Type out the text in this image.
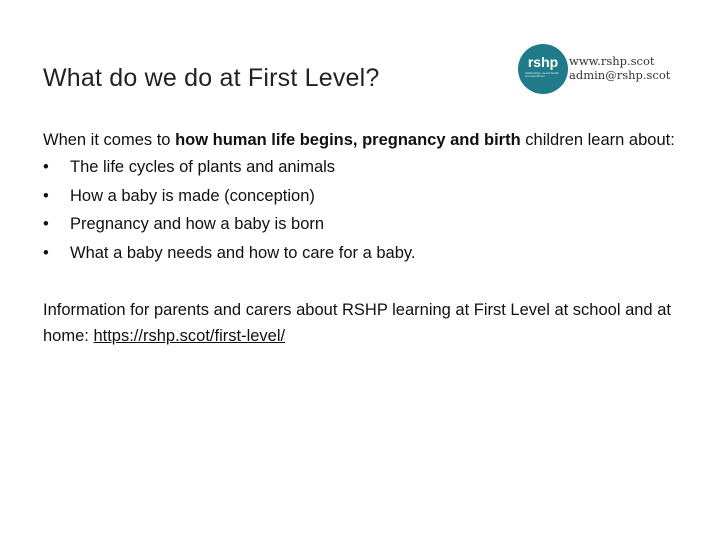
What do we do at First Level?
rshp
relationships, sexual health and parenthood
www.rshp.scot
admin@rshp.scot

When it comes to how human life begins, pregnancy and birth children learn about:

• The life cycles of plants and animals
• How a baby is made (conception)
• Pregnancy and how a baby is born
• What a baby needs and how to care for a baby.

Information for parents and carers about RSHP learning at First Level at school and at home: https://rshp.scot/first-level/
